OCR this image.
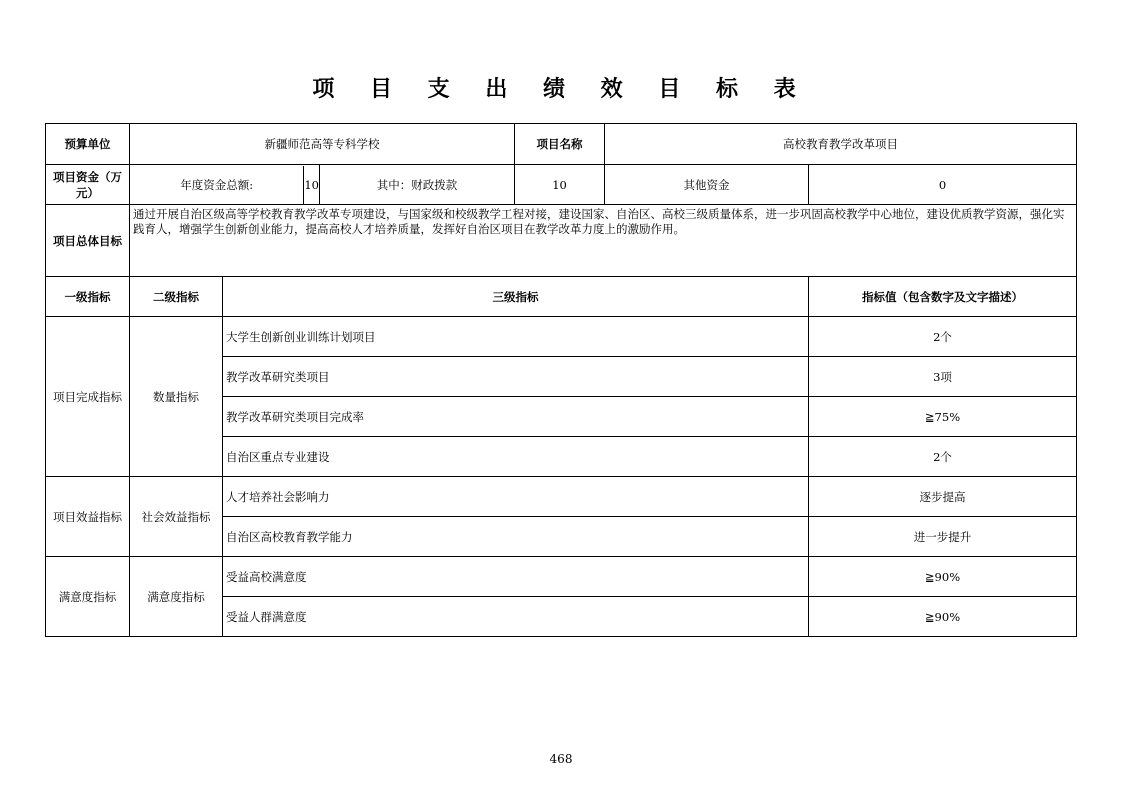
项 目 支 出 绩 效 目 标 表
预算单位	新疆师范高等专科学校			项目名称	高校教育教学改革项目	
项目资金（万元）	年度资金总额: 10		其中：财政拨款	10	其他资金	0
项目总体目标	通过开展自治区级高等学校教育教学改革专项建设，与国家级和校级教学工程对接，建设国家、自治区、高校三级质量体系，进一步巩固高校教学中心地位，建设优质教学资源，强化实践育人，增强学生创新创业能力，提高高校人才培养质量，发挥好自治区项目在教学改革力度上的激励作用。					
一级指标	二级指标	三级指标				指标值（包含数字及文字描述）
项目完成指标	数量指标	大学生创新创业训练计划项目				2个
		教学改革研究类项目				3项
		教学改革研究类项目完成率				≧75%
		自治区重点专业建设				2个
项目效益指标	社会效益指标	人才培养社会影响力				逐步提高
		自治区高校教育教学能力				进一步提升
满意度指标	满意度指标	受益高校满意度				≧90%
		受益人群满意度				≧90%
468
